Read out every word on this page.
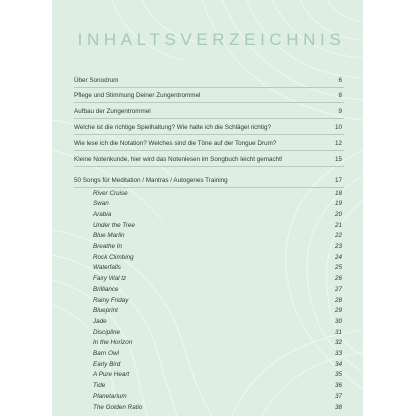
INHALTSVERZEICHNIS
Über Sonodrum	6
Pflege und Stimmung Deiner Zungentrommel	8
Aufbau der Zungentrommel	9
Welche ist die richtige Spielhaltung? Wie halte ich die Schlägel richtig?	10
Wie lese ich die Notation? Welches sind die Töne auf der Tongue Drum?	12
Kleine Notenkunde, hier wird das Notenlesen im Songbuch leicht gemacht!	15
50 Songs für Meditation / Mantras / Autogenes Training	17
River Cruise	18
Swan	19
Arabia	20
Under the Tree	21
Blue Marlin	22
Breathe In	23
Rock Climbing	24
Waterfalls	25
Fairy Wal tz	26
Brilliance	27
Rainy Friday	28
Blueprint	29
Jade	30
Discipline	31
In the Horizon	32
Barn Owl	33
Early Bird	34
A Pure Heart	35
Tide	36
Planetarium	37
The Golden Ratio	38
